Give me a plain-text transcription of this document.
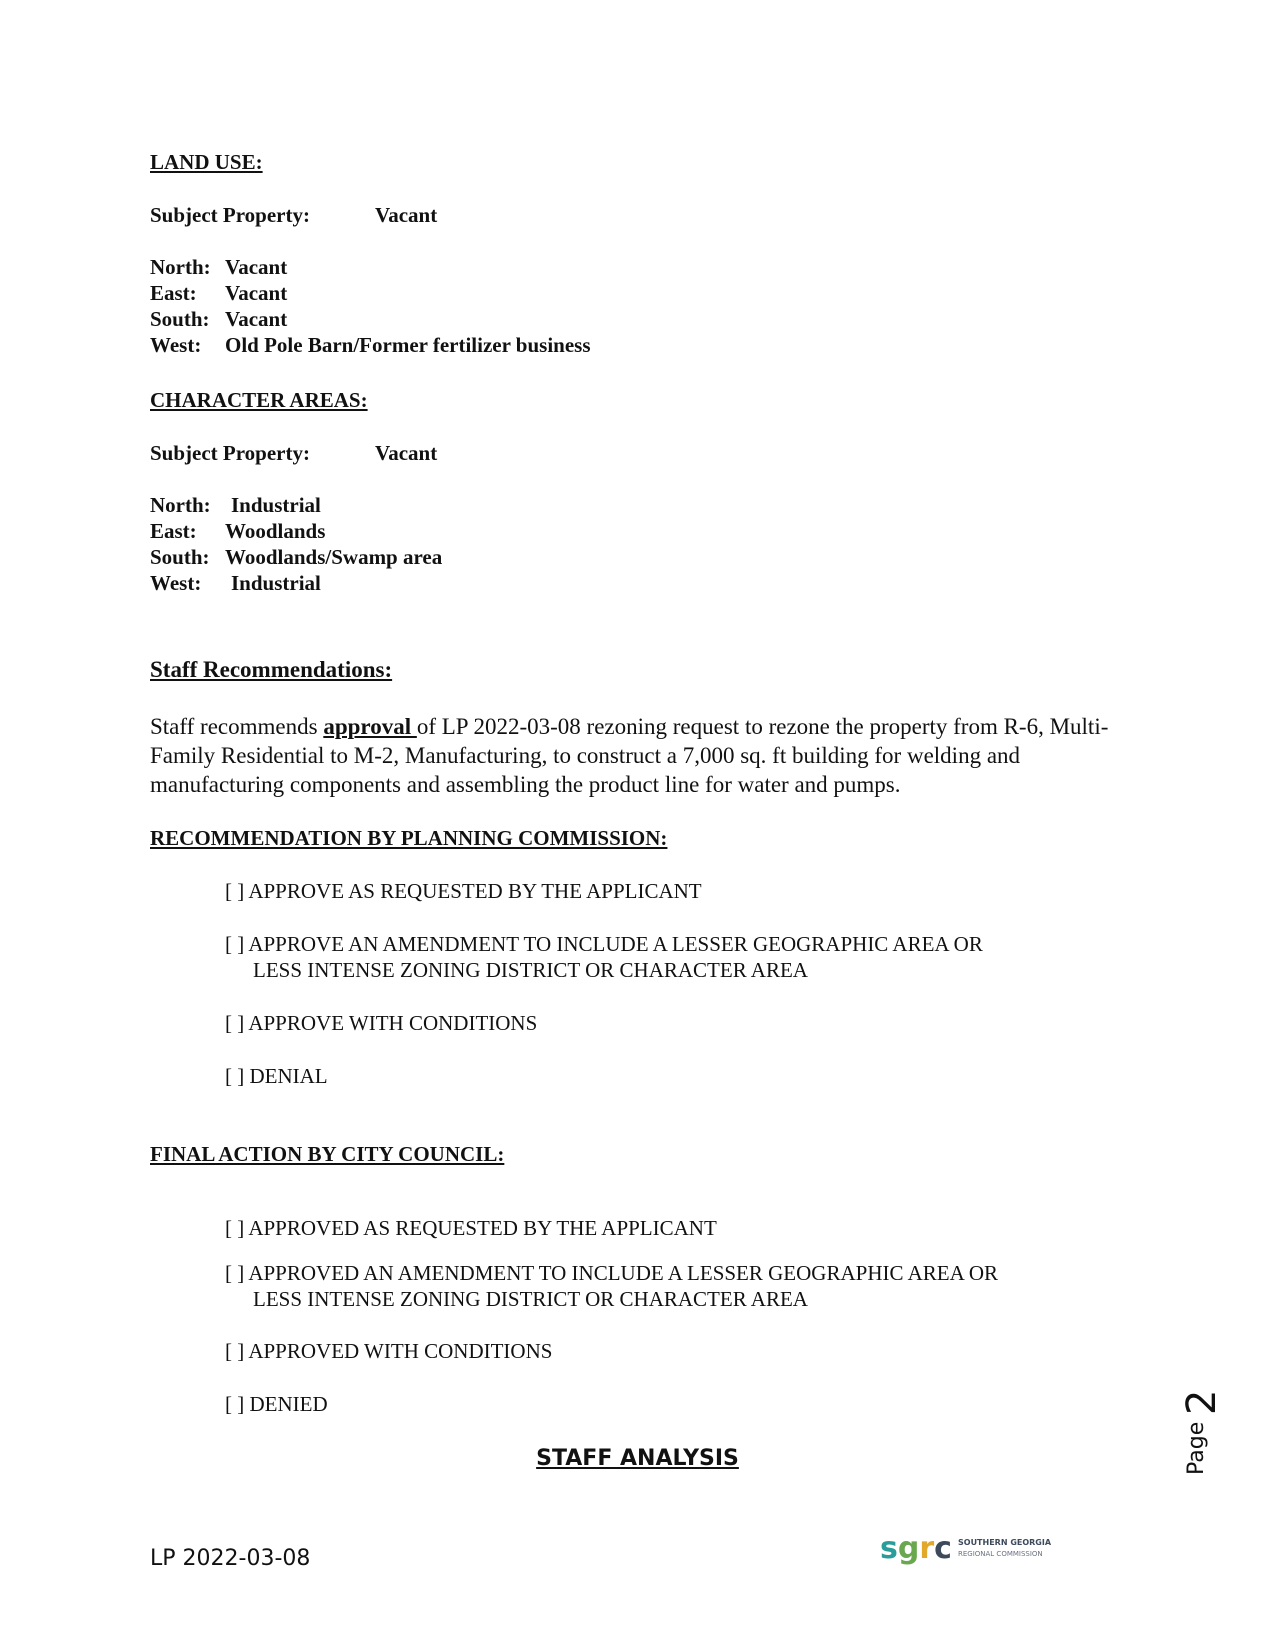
LAND USE:
Subject Property:	Vacant
North: Vacant
East: Vacant
South: Vacant
West: Old Pole Barn/Former fertilizer business
CHARACTER AREAS:
Subject Property:	Vacant
North: Industrial
East: Woodlands
South: Woodlands/Swamp area
West: Industrial
Staff Recommendations:
Staff recommends approval of LP 2022-03-08 rezoning request to rezone the property from R-6, Multi-Family Residential to M-2, Manufacturing, to construct a 7,000 sq. ft building for welding and manufacturing components and assembling the product line for water and pumps.
RECOMMENDATION BY PLANNING COMMISSION:
[ ] APPROVE AS REQUESTED BY THE APPLICANT
[ ] APPROVE AN AMENDMENT TO INCLUDE A LESSER GEOGRAPHIC AREA OR
LESS INTENSE ZONING DISTRICT OR CHARACTER AREA
[ ] APPROVE WITH CONDITIONS
[ ] DENIAL
FINAL ACTION BY CITY COUNCIL:
[ ] APPROVED AS REQUESTED BY THE APPLICANT
[ ] APPROVED AN AMENDMENT TO INCLUDE A LESSER GEOGRAPHIC AREA OR
LESS INTENSE ZONING DISTRICT OR CHARACTER AREA
[ ] APPROVED WITH CONDITIONS
[ ] DENIED
STAFF ANALYSIS	Page
2
LP 2022-03-08	sgrc SOUTHERN GEORGIA
REGIONAL COMMISSION
